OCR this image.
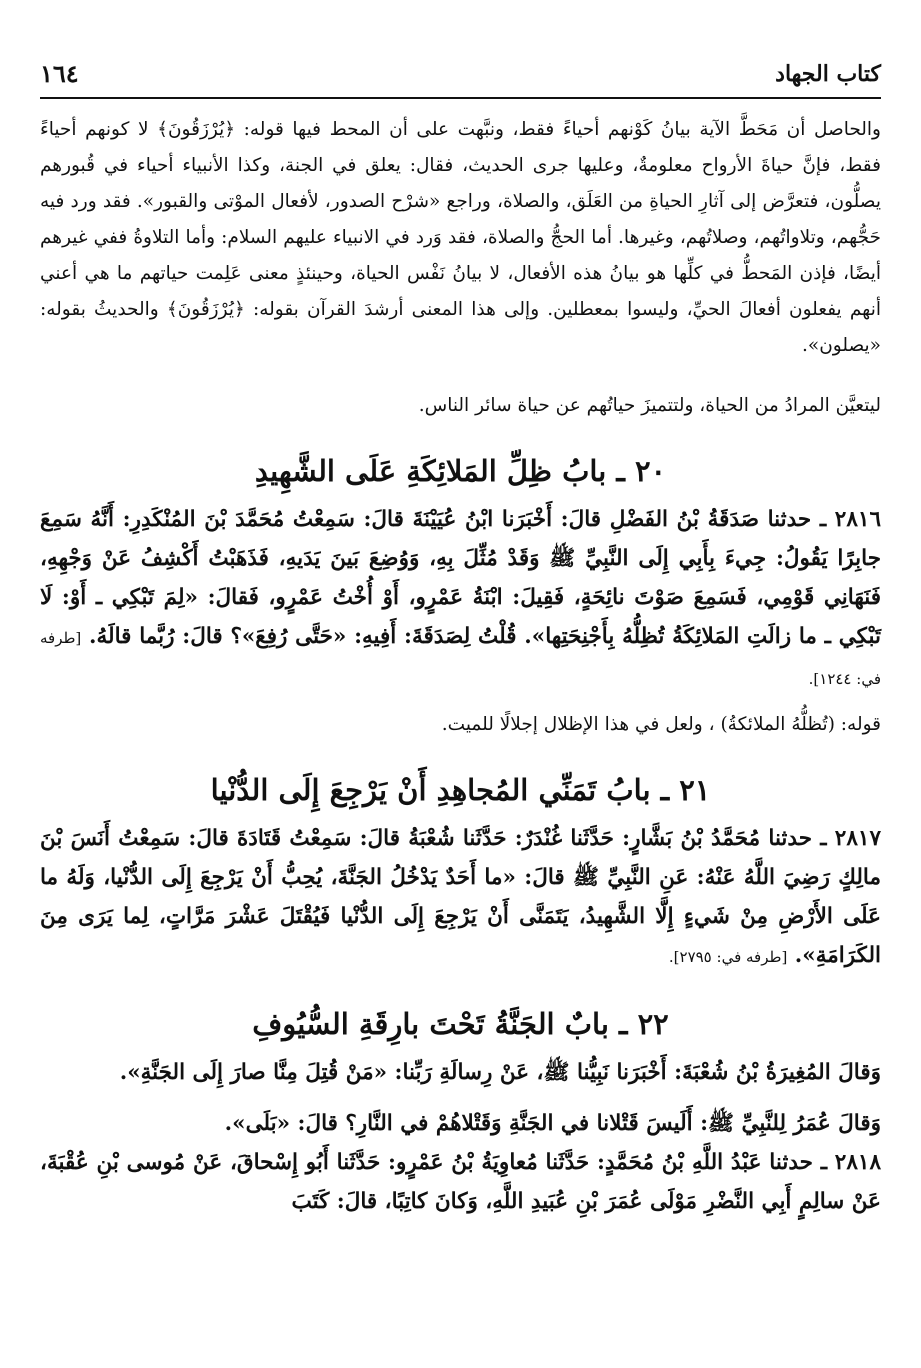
كتاب الجهاد
١٦٤

والحاصل أن مَحَطَّ الآية بيانُ كَوْنهم أحياءً فقط، ونبَّهت على أن المحط فيها قوله: ﴿يُرْزَقُونَ﴾ لا كونهم أحياءً فقط، فإنَّ حياةَ الأرواح معلومةٌ، وعليها جرى الحديث، فقال: يعلق في الجنة، وكذا الأنبياء أحياء في قُبورهم يصلُّون، فتعرَّض إلى آثارِ الحياةِ من العَلَق، والصلاة، وراجع «شرْح الصدور، لأفعال الموْتى والقبور». فقد ورد فيه حَجُّهم، وتلاواتُهم، وصلاتُهم، وغيرها. أما الحجُّ والصلاة، فقد وَرد في الانبياء عليهم السلام: وأما التلاوةُ ففي غيرهم أيضًا، فإذن المَحطُّ في كلِّها هو بيانُ هذه الأفعال، لا بيانُ نَفْس الحياة، وحينئذٍ معنى عَلِمت حياتهم ما هي أعني أنهم يفعلون أفعالَ الحيِّ، وليسوا بمعطلين. وإلى هذا المعنى أرشدَ القرآن بقوله: ﴿يُرْزَقُونَ﴾ والحديثُ بقوله: «يصلون».

ليتعيَّن المرادُ من الحياة، ولتتميزَ حياتُهم عن حياة سائر الناس.

٢٠ ـ بابُ ظِلِّ المَلائِكَةِ عَلَى الشَّهِيدِ

٢٨١٦ ـ حدثنا صَدَقَةُ بْنُ الفَضْلِ قالَ: أَخْبَرَنا ابْنُ عُيَيْنَةَ قالَ: سَمِعْتُ مُحَمَّدَ بْنَ المُنْكَدِرِ: أَنَّهُ سَمِعَ جابِرًا يَقُولُ: جِيءَ بِأَبِي إِلَى النَّبِيِّ ﷺ وَقَدْ مُثِّلَ بِهِ، وَوُضِعَ بَينَ يَدَيهِ، فَذَهَبْتُ أَكْشِفُ عَنْ وَجْهِهِ، فَنَهَانِي قَوْمِي، فَسَمِعَ صَوْتَ نائِحَةٍ، فَقِيلَ: ابْنَةُ عَمْرٍو، أَوْ أُخْتُ عَمْرٍو، فَقالَ: «لِمَ تَبْكِي ـ أَوْ: لَا تَبْكِي ـ ما زالَتِ المَلائِكَةُ تُظِلُّهُ بِأَجْنِحَتِها». قُلْتُ لِصَدَقَةَ: أَفِيهِ: «حَتَّى رُفِعَ»؟ قالَ: رُبَّما قالَهُ. [طرفه في: ١٢٤٤].

قوله: (تُظلُّهُ الملائكةُ) ، ولعل في هذا الإظلال إجلالًا للميت.

٢١ ـ بابُ تَمَنِّي المُجاهِدِ أَنْ يَرْجِعَ إِلَى الدُّنْيا

٢٨١٧ ـ حدثنا مُحَمَّدُ بْنُ بَشَّارٍ: حَدَّثَنا غُنْدَرٌ: حَدَّثَنا شُعْبَةُ قالَ: سَمِعْتُ قَتَادَةَ قالَ: سَمِعْتُ أَنَسَ بْنَ مالِكٍ رَضِيَ اللَّهُ عَنْهُ: عَنِ النَّبِيِّ ﷺ قالَ: «ما أَحَدٌ يَدْخُلُ الجَنَّةَ، يُحِبُّ أَنْ يَرْجِعَ إِلَى الدُّنْيا، وَلَهُ ما عَلَى الأَرْضِ مِنْ شَيءٍ إِلَّا الشَّهِيدُ، يَتَمَنَّى أَنْ يَرْجِعَ إِلَى الدُّنْيا فَيُقْتَلَ عَشْرَ مَرَّاتٍ، لِما يَرَى مِنَ الكَرَامَةِ». [طرفه في: ٢٧٩٥].

٢٢ ـ بابٌ الجَنَّةُ تَحْتَ بارِقَةِ السُّيُوفِ

وَقالَ المُغِيرَةُ بْنُ شُعْبَةَ: أَخْبَرَنا نَبِيُّنا ﷺ، عَنْ رِسالَةِ رَبِّنا: «مَنْ قُتِلَ مِنَّا صارَ إِلَى الجَنَّةِ».

وَقالَ عُمَرُ لِلنَّبِيِّ ﷺ: أَلَيسَ قَتْلانا في الجَنَّةِ وَقَتْلاهُمْ في النَّارِ؟ قالَ: «بَلَى».

٢٨١٨ ـ حدثنا عَبْدُ اللَّهِ بْنُ مُحَمَّدٍ: حَدَّثَنا مُعاوِيَةُ بْنُ عَمْرٍو: حَدَّثَنا أَبُو إِسْحاقَ، عَنْ مُوسى بْنِ عُقْبَةَ، عَنْ سالِمٍ أَبِي النَّضْرِ مَوْلَى عُمَرَ بْنِ عُبَيدِ اللَّهِ، وَكانَ كاتِبًا، قالَ: كَتَبَ
